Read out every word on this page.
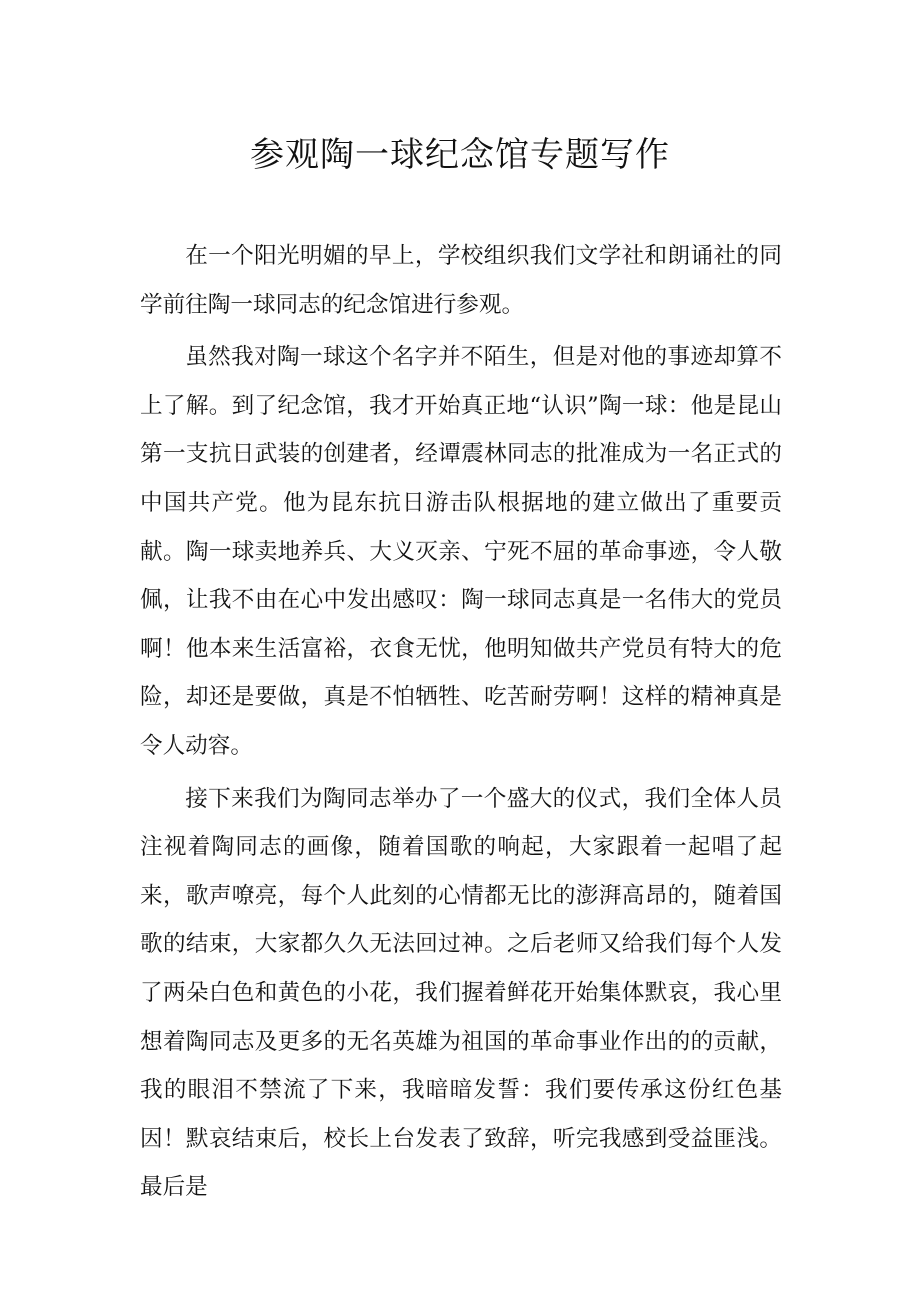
参观陶一球纪念馆专题写作

在一个阳光明媚的早上，学校组织我们文学社和朗诵社的同学前往陶一球同志的纪念馆进行参观。

虽然我对陶一球这个名字并不陌生，但是对他的事迹却算不上了解。到了纪念馆，我才开始真正地“认识”陶一球：他是昆山第一支抗日武装的创建者，经谭震林同志的批准成为一名正式的中国共产党。他为昆东抗日游击队根据地的建立做出了重要贡献。陶一球卖地养兵、大义灭亲、宁死不屈的革命事迹，令人敬佩，让我不由在心中发出感叹：陶一球同志真是一名伟大的党员啊！他本来生活富裕，衣食无忧，他明知做共产党员有特大的危险，却还是要做，真是不怕牺牲、吃苦耐劳啊！这样的精神真是令人动容。

接下来我们为陶同志举办了一个盛大的仪式，我们全体人员注视着陶同志的画像，随着国歌的响起，大家跟着一起唱了起来，歌声嘹亮，每个人此刻的心情都无比的澎湃高昂的，随着国歌的结束，大家都久久无法回过神。之后老师又给我们每个人发了两朵白色和黄色的小花，我们握着鲜花开始集体默哀，我心里想着陶同志及更多的无名英雄为祖国的革命事业作出的的贡献，我的眼泪不禁流了下来，我暗暗发誓：我们要传承这份红色基因！默哀结束后，校长上台发表了致辞，听完我感到受益匪浅。最后是
